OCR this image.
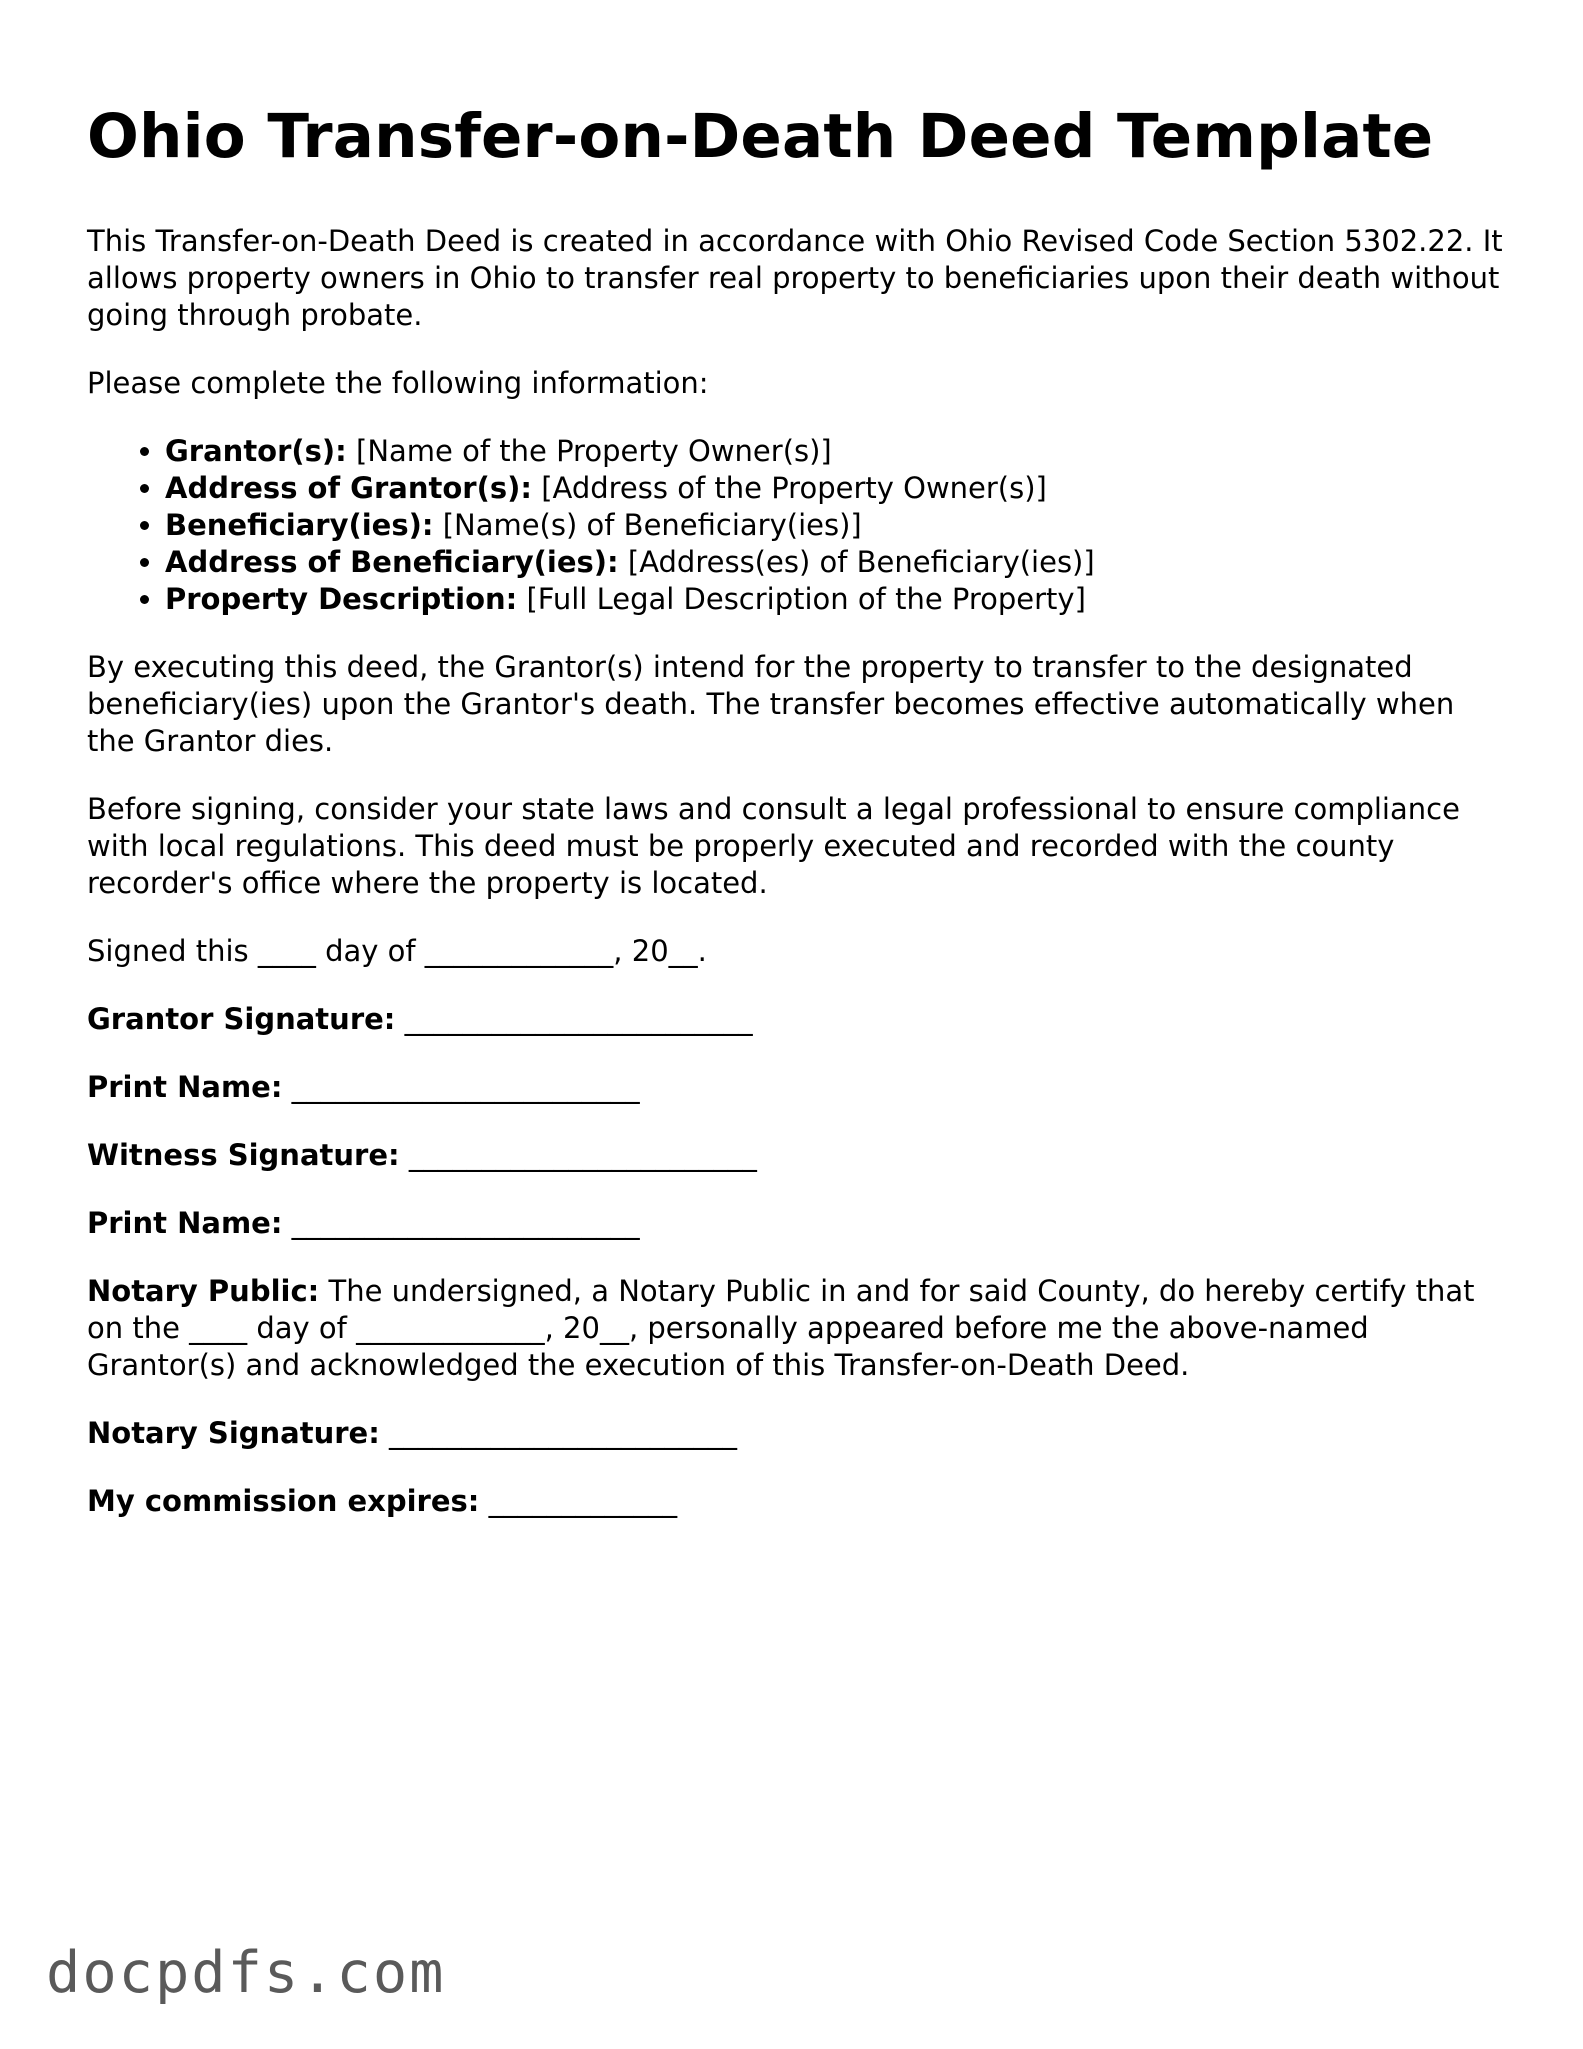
Ohio Transfer-on-Death Deed Template

This Transfer-on-Death Deed is created in accordance with Ohio Revised Code Section 5302.22. It allows property owners in Ohio to transfer real property to beneficiaries upon their death without going through probate.

Please complete the following information:

• Grantor(s): [Name of the Property Owner(s)]
• Address of Grantor(s): [Address of the Property Owner(s)]
• Beneficiary(ies): [Name(s) of Beneficiary(ies)]
• Address of Beneficiary(ies): [Address(es) of Beneficiary(ies)]
• Property Description: [Full Legal Description of the Property]

By executing this deed, the Grantor(s) intend for the property to transfer to the designated beneficiary(ies) upon the Grantor's death. The transfer becomes effective automatically when the Grantor dies.

Before signing, consider your state laws and consult a legal professional to ensure compliance with local regulations. This deed must be properly executed and recorded with the county recorder's office where the property is located.

Signed this ____ day of _____________, 20__.

Grantor Signature: ________________________

Print Name: ________________________

Witness Signature: ________________________

Print Name: ________________________

Notary Public: The undersigned, a Notary Public in and for said County, do hereby certify that on the ____ day of _____________, 20__, personally appeared before me the above-named Grantor(s) and acknowledged the execution of this Transfer-on-Death Deed.

Notary Signature: ________________________

My commission expires: _____________

docpdfs.com
